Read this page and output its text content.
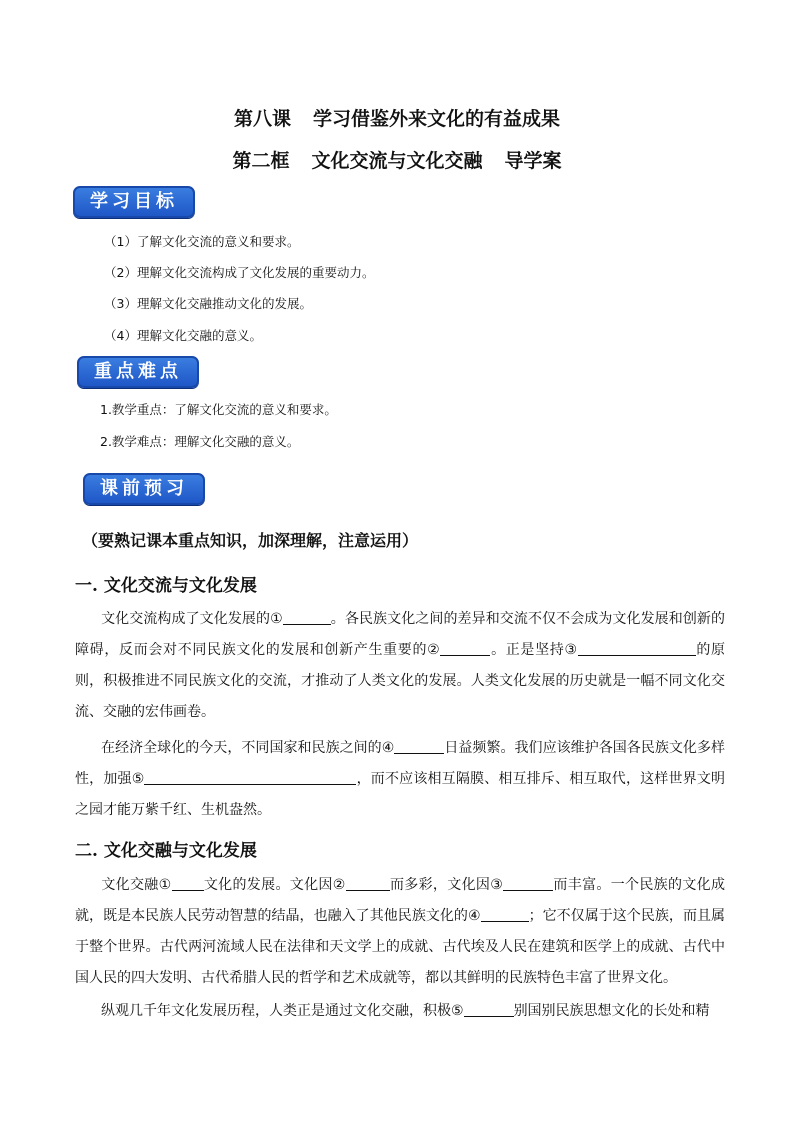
第八课 学习借鉴外来文化的有益成果
第二框 文化交流与文化交融 导学案
学习目标
（1）了解文化交流的意义和要求。
（2）理解文化交流构成了文化发展的重要动力。
（3）理解文化交融推动文化的发展。
（4）理解文化交融的意义。
重点难点
1.教学重点：了解文化交流的意义和要求。
2.教学难点：理解文化交融的意义。
课前预习
（要熟记课本重点知识，加深理解，注意运用）
一. 文化交流与文化发展
文化交流构成了文化发展的①	。各民族文化之间的差异和交流不仅不会成为文化发展和创新的障碍，反而会对不同民族文化的发展和创新产生重要的②	。正是坚持③	的原则，积极推进不同民族文化的交流，才推动了人类文化的发展。人类文化发展的历史就是一幅不同文化交流、交融的宏伟画卷。
在经济全球化的今天，不同国家和民族之间的④	日益频繁。我们应该维护各国各民族文化多样性，加强⑤	，而不应该相互隔膜、相互排斥、相互取代，这样世界文明之园才能万紫千红、生机盎然。
二. 文化交融与文化发展
文化交融① 文化的发展。文化因②	而多彩，文化因③	而丰富。一个民族的文化成就，既是本民族人民劳动智慧的结晶，也融入了其他民族文化的④	；它不仅属于这个民族，而且属于整个世界。古代两河流域人民在法律和天文学上的成就、古代埃及人民在建筑和医学上的成就、古代中国人民的四大发明、古代希腊人民的哲学和艺术成就等，都以其鲜明的民族特色丰富了世界文化。
纵观几千年文化发展历程，人类正是通过文化交融，积极⑤	别国别民族思想文化的长处和精
